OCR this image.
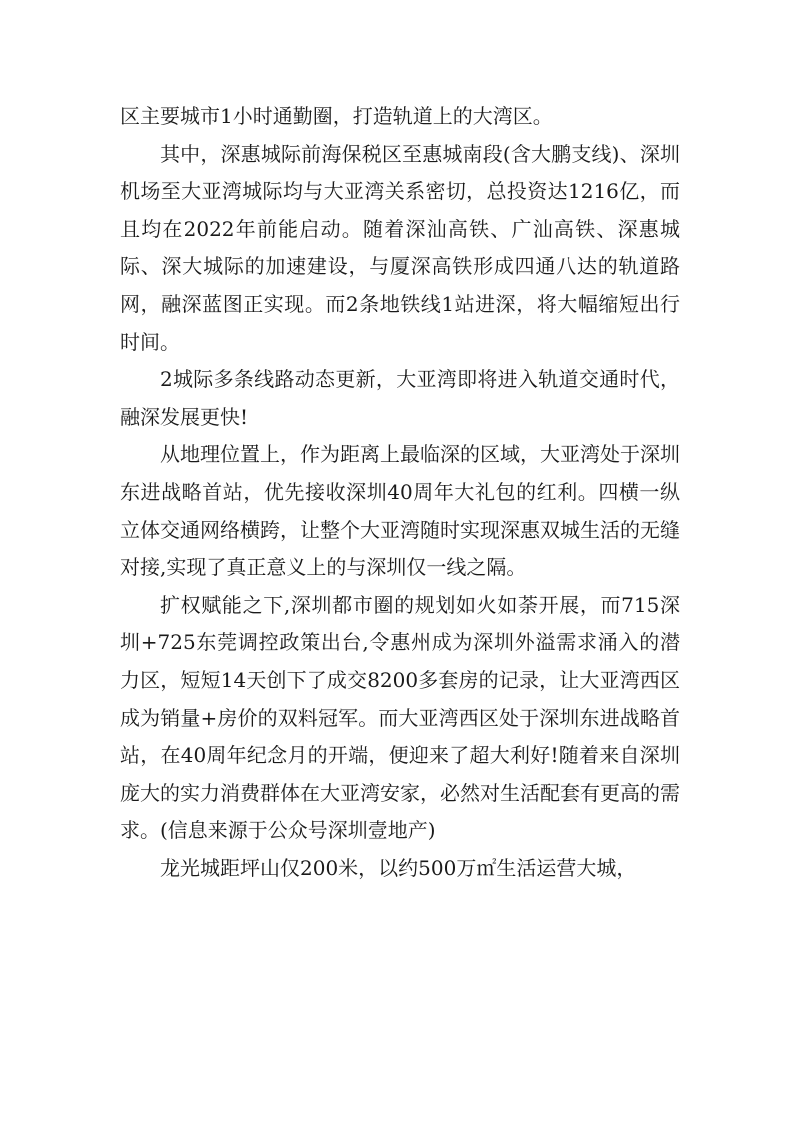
区主要城市1小时通勤圈，打造轨道上的大湾区。

其中，深惠城际前海保税区至惠城南段(含大鹏支线)、深圳机场至大亚湾城际均与大亚湾关系密切，总投资达1216亿，而且均在2022年前能启动。随着深汕高铁、广汕高铁、深惠城际、深大城际的加速建设，与厦深高铁形成四通八达的轨道路网，融深蓝图正实现。而2条地铁线1站进深，将大幅缩短出行时间。

2城际多条线路动态更新，大亚湾即将进入轨道交通时代，融深发展更快!

从地理位置上，作为距离上最临深的区域，大亚湾处于深圳东进战略首站，优先接收深圳40周年大礼包的红利。四横一纵立体交通网络横跨，让整个大亚湾随时实现深惠双城生活的无缝对接,实现了真正意义上的与深圳仅一线之隔。

扩权赋能之下,深圳都市圈的规划如火如荼开展，而715深圳+725东莞调控政策出台,令惠州成为深圳外溢需求涌入的潜力区，短短14天创下了成交8200多套房的记录，让大亚湾西区成为销量+房价的双料冠军。而大亚湾西区处于深圳东进战略首站，在40周年纪念月的开端，便迎来了超大利好!随着来自深圳庞大的实力消费群体在大亚湾安家，必然对生活配套有更高的需求。(信息来源于公众号深圳壹地产)

龙光城距坪山仅200米，以约500万㎡生活运营大城，
